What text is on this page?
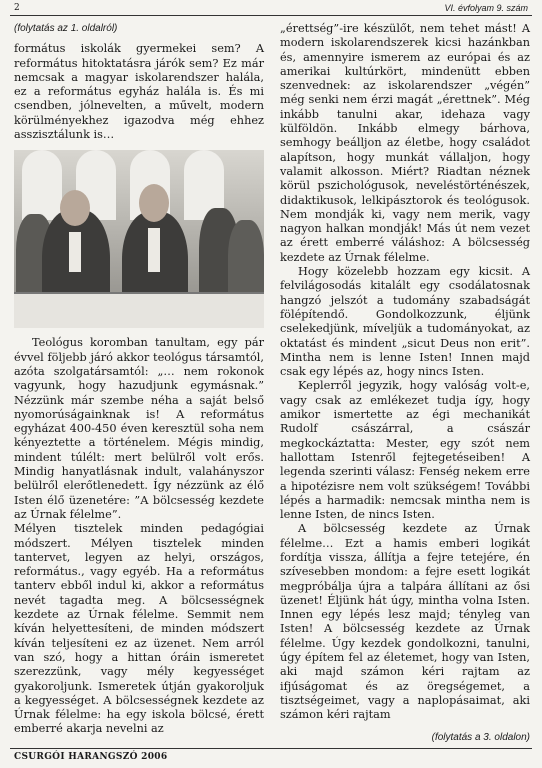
2	VI. évfolyam 9. szám
(folytatás az 1. oldalról)

formátus iskolák gyermekei sem? A református hitoktatásra járók sem? Ez már nemcsak a magyar iskolarendszer halála, ez a református egyház halála is. És mi csendben, jólnevelten, a művelt, modern körülményekhez igazodva még ehhez asszisztálunk is…

Teológus koromban tanultam, egy pár évvel följebb járó akkor teológus társamtól, azóta szolgatársamtól: „… nem rokonok vagyunk, hogy hazudjunk egymásnak.” Nézzünk már szembe néha a saját belső nyomorúságainknak is! A református egyházat 400-450 éven keresztül soha nem kényeztette a történelem. Mégis mindig, mindent túlélt: mert belülről volt erős. Mindig hanyatlásnak indult, valahányszor belülről elerőtlenedett. Így nézzünk az élő Isten élő üzenetére: ”A bölcsesség kezdete az Úrnak félelme”.

Mélyen tisztelek minden pedagógiai módszert. Mélyen tisztelek minden tantervet, legyen az helyi, országos, református., vagy egyéb. Ha a református tanterv ebből indul ki, akkor a református nevét tagadta meg. A bölcsességnek kezdete az Úrnak félelme. Semmit nem kíván helyettesíteni, de minden módszert kíván teljesíteni ez az üzenet. Nem arról van szó, hogy a hittan óráin ismeretet szerezzünk, vagy mély kegyességet gyakoroljunk. Ismeretek útján gyakoroljuk a kegyességet. A bölcsességnek kezdete az Úrnak félelme: ha egy iskola bölcsé, érett emberré akarja nevelni az

„érettség”-ire készülőt, nem tehet mást! A modern iskolarendszerek kicsi hazánkban és, amennyire ismerem az európai és az amerikai kultúrkört, mindenütt ebben szenvednek: az iskolarendszer „végén” még senki nem érzi magát „érettnek”. Még inkább tanulni akar, idehaza vagy külföldön. Inkább elmegy bárhova, semhogy beálljon az életbe, hogy családot alapítson, hogy munkát vállaljon, hogy valamit alkosson. Miért? Riadtan néznek körül pszichológusok, neveléstörténészek, didaktikusok, lelkipásztorok és teológusok. Nem mondják ki, vagy nem merik, vagy nagyon halkan mondják! Más út nem vezet az érett emberré váláshoz: A bölcsesség kezdete az Úrnak félelme.

Hogy közelebb hozzam egy kicsit. A felvilágosodás kitalált egy csodálatosnak hangzó jelszót a tudomány szabadságát fölépítendő. Gondolkozzunk, éljünk cselekedjünk, míveljük a tudományokat, az oktatást és mindent „sicut Deus non erit”. Mintha nem is lenne Isten! Innen majd csak egy lépés az, hogy nincs Isten.

Keplerről jegyzik, hogy valóság volt-e, vagy csak az emlékezet tudja így, hogy amikor ismertette az égi mechanikát Rudolf császárral, a császár megkockáztatta: Mester, egy szót nem hallottam Istenről fejtegetéseiben! A legenda szerinti válasz: Fenség nekem erre a hipotézisre nem volt szükségem! További lépés a harmadik: nemcsak mintha nem is lenne Isten, de nincs Isten.

A bölcsesség kezdete az Úrnak félelme… Ezt a hamis emberi logikát fordítja vissza, állítja a fejre tetejére, én szívesebben mondom: a fejre esett logikát megpróbálja újra a talpára állítani az ősi üzenet! Éljünk hát úgy, mintha volna Isten. Innen egy lépés lesz majd; tényleg van Isten! A bölcsesség kezdete az Úrnak félelme. Úgy kezdek gondolkozni, tanulni, úgy építem fel az életemet, hogy van Isten, aki majd számon kéri rajtam az ifjúságomat és az öregségemet, a tisztségeimet, vagy a naplopásaimat, aki számon kéri rajtam

(folytatás a 3. oldalon)
CSURGÓI HARANGSZÓ 2006
